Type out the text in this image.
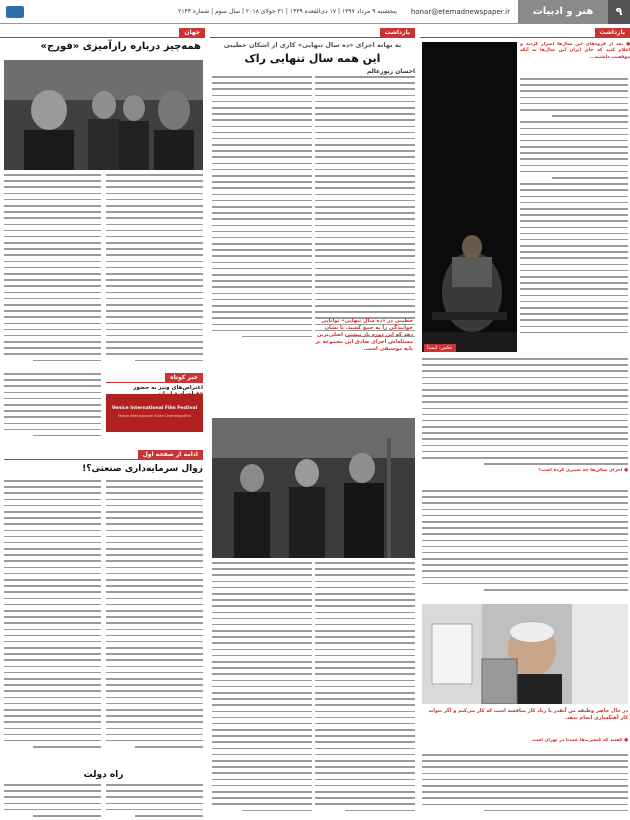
۹
هنر و ادبیات
honar@etemadnewspaper.ir
پنجشنبه ۹ مرداد ۱۳۹۷ | ۱۷ ذی‌القعده ۱۴۳۹ | ۳۱ جولای ۲۰۱۸ | سال سوم | شماره ۲۱۴۴
بازداشت

● بعد از فرودهای این سال‌ها اصرار کردید و اعلام کنید که جای ایران این سال‌ها به آنکه موفقیت داشتید...

عکس: ایسنا
● اجرای سالن‌ها چه تغییری کرده است؟
در حال حاضر وظیفه من آنقدر با زیاد کار مناقشه است که کار می‌کنم و اگر نتواند کار آهنگسازی انجام بدهد.
● گفتید که کنسرت‌ها عمدتاً در تهران است
بازداشت
به بهانه اجرای «ده سال تنهایی» کاری از اشکان خطیبی
این همه سال تنهایی راک
احسان زیورعالم
خطیبی در «ده سال تنهایی» توانایی خوانندگی را به جمع کشید. تا نشان دهد که این دوره بار بیشتر، اصلی‌ترین مسئله‌اش اجرای صادق این مجموعه بر پایه موسیقی است.
جهان
همه‌چیز درباره رازآمیزی «فورج»
خبر کوتاه
اعتراض‌های ونیز به حضور
Venice International Film Festival
Mostra Internazionale d'Arte Cinematografica
ادامه از صفحه اول
زوال سرمایه‌داری صنعتی؟!
راه دولت
